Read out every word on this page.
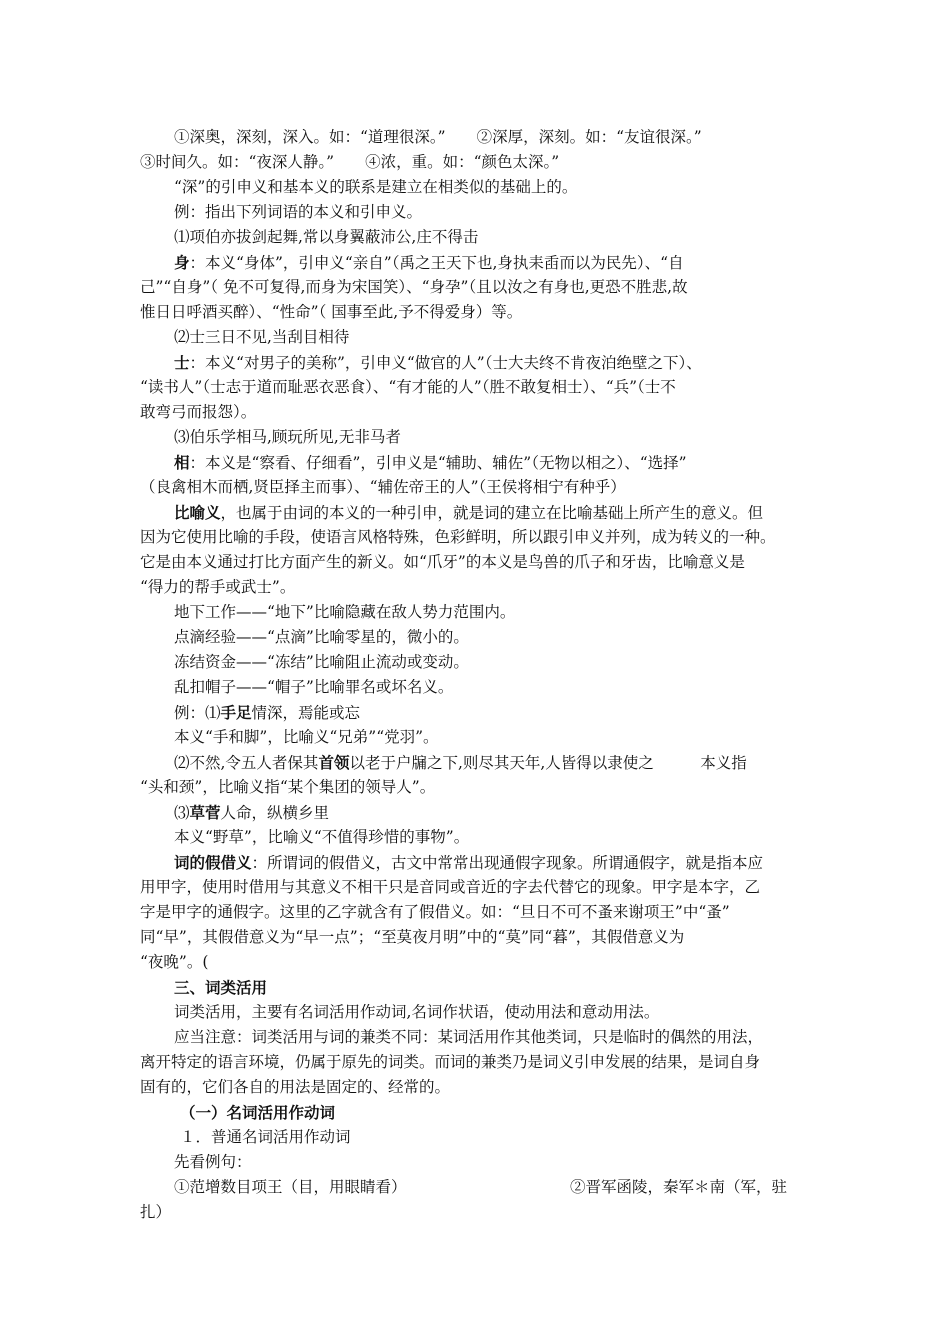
①深奥，深刻，深入。如：“道理很深。”　　②深厚，深刻。如：“友谊很深。”
③时间久。如：“夜深人静。”　　④浓，重。如：“颜色太深。”
“深”的引申义和基本义的联系是建立在相类似的基础上的。
例：指出下列词语的本义和引申义。
⑴项伯亦拔剑起舞,常以身翼蔽沛公,庄不得击
身：本义“身体”，引申义“亲自”（禹之王天下也,身执耒臿而以为民先）、“自
己”“自身”（ 免不可复得,而身为宋国笑）、“身孕”（且以汝之有身也,更恐不胜悲,故
惟日日呼酒买醉）、“性命”（ 国事至此,予不得爱身）等。
⑵士三日不见,当刮目相待
士：本义“对男子的美称”，引申义“做官的人”（士大夫终不肯夜泊绝壁之下）、
“读书人”（士志于道而耻恶衣恶食）、“有才能的人”（胜不敢复相士）、“兵”（士不
敢弯弓而报怨）。
⑶伯乐学相马,顾玩所见,无非马者
相：本义是“察看、仔细看”，引申义是“辅助、辅佐”（无物以相之）、“选择”
（良禽相木而栖,贤臣择主而事）、“辅佐帝王的人”（王侯将相宁有种乎）
比喻义，也属于由词的本义的一种引申，就是词的建立在比喻基础上所产生的意义。但
因为它使用比喻的手段，使语言风格特殊，色彩鲜明，所以跟引申义并列，成为转义的一种。
它是由本义通过打比方面产生的新义。如“爪牙”的本义是鸟兽的爪子和牙齿，比喻意义是
“得力的帮手或武士”。
地下工作——“地下”比喻隐藏在敌人势力范围内。
点滴经验——“点滴”比喻零星的，微小的。
冻结资金——“冻结”比喻阻止流动或变动。
乱扣帽子——“帽子”比喻罪名或坏名义。
例：⑴手足情深，焉能或忘
本义“手和脚”，比喻义“兄弟”“党羽”。
⑵不然,令五人者保其首领以老于户牖之下,则尽其天年,人皆得以隶使之　　　本义指
“头和颈”，比喻义指“某个集团的领导人”。
⑶草菅人命，纵横乡里
本义“野草”，比喻义“不值得珍惜的事物”。
词的假借义：所谓词的假借义，古文中常常出现通假字现象。所谓通假字，就是指本应
用甲字，使用时借用与其意义不相干只是音同或音近的字去代替它的现象。甲字是本字，乙
字是甲字的通假字。这里的乙字就含有了假借义。如：“旦日不可不蚤来谢项王”中“蚤”
同“早”，其假借意义为“早一点”；“至莫夜月明”中的“莫”同“暮”，其假借意义为
“夜晚”。(
三、词类活用
词类活用，主要有名词活用作动词,名词作状语，使动用法和意动用法。
应当注意：词类活用与词的兼类不同：某词活用作其他类词，只是临时的偶然的用法，
离开特定的语言环境，仍属于原先的词类。而词的兼类乃是词义引申发展的结果，是词自身
固有的，它们各自的用法是固定的、经常的。
（一）名词活用作动词
１．普通名词活用作动词
先看例句：
①范增数目项王（目，用眼睛看）	②晋军函陵，秦军＊南（军，驻
扎）
